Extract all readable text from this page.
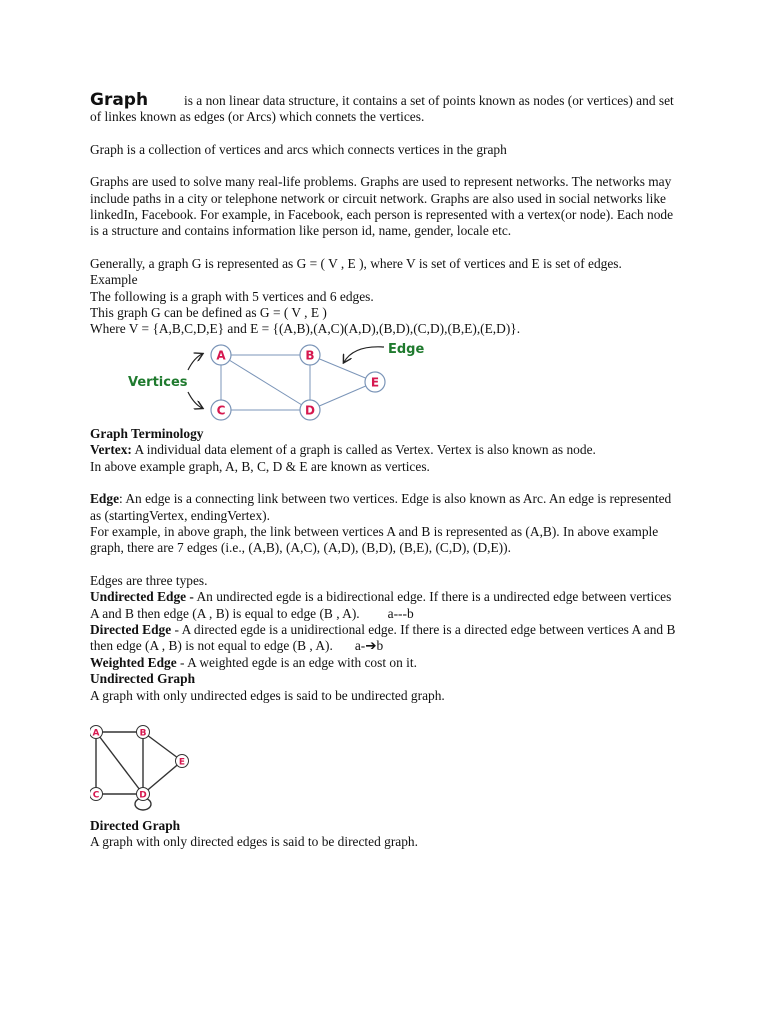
Graph	is a non linear data structure, it contains a set of points known as nodes (or vertices) and set of linkes known as edges (or Arcs) which connets the vertices.

Graph is a collection of vertices and arcs which connects vertices in the graph

Graphs are used to solve many real-life problems. Graphs are used to represent networks. The networks may include paths in a city or telephone network or circuit network. Graphs are also used in social networks like linkedIn, Facebook. For example, in Facebook, each person is represented with a vertex(or node). Each node is a structure and contains information like person id, name, gender, locale etc.

Generally, a graph G is represented as G = ( V , E ), where V is set of vertices and E is set of edges.

Example

The following is a graph with 5 vertices and 6 edges.

This graph G can be defined as G = ( V , E )

Where V = {A,B,C,D,E} and E = {(A,B),(A,C)(A,D),(B,D),(C,D),(B,E),(E,D)}.

A	B
C	D
E
Vertices
Edge

Graph Terminology

Vertex: A individual data element of a graph is called as Vertex. Vertex is also known as node.

In above example graph, A, B, C, D & E are known as vertices.

Edge: An edge is a connecting link between two vertices. Edge is also known as Arc. An edge is represented as (startingVertex, endingVertex).

For example, in above graph, the link between vertices A and B is represented as (A,B). In above example graph, there are 7 edges (i.e., (A,B), (A,C), (A,D), (B,D), (B,E), (C,D), (D,E)).

Edges are three types.

Undirected Edge - An undirected egde is a bidirectional edge. If there is a undirected edge between vertices A and B then edge (A , B) is equal to edge (B , A). a---b

Directed Edge - A directed egde is a unidirectional edge. If there is a directed edge between vertices A and B then edge (A , B) is not equal to edge (B , A). a-➔b

Weighted Edge - A weighted egde is an edge with cost on it.

Undirected Graph

A graph with only undirected edges is said to be undirected graph.

A	B
C	D
E

Directed Graph

A graph with only directed edges is said to be directed graph.
